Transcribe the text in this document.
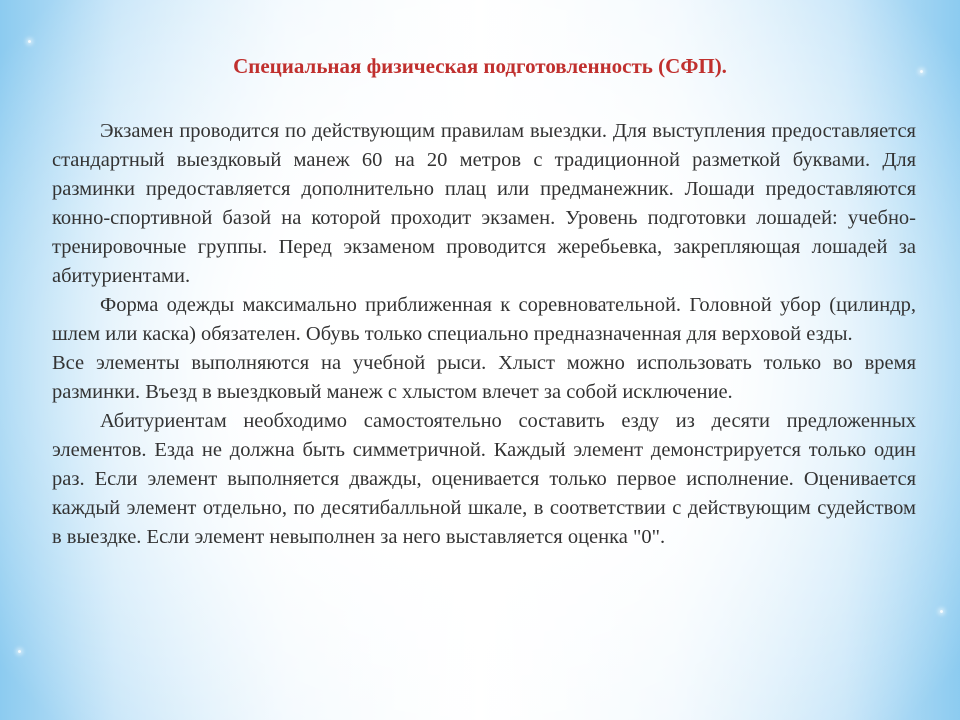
Специальная физическая подготовленность (СФП).

Экзамен проводится по действующим правилам выездки. Для выступления предоставляется стандартный выездковый манеж 60 на 20 метров с традиционной разметкой буквами. Для разминки предоставляется дополнительно плац или предманежник. Лошади предоставляются конно-спортивной базой на которой проходит экзамен. Уровень подготовки лошадей: учебно-тренировочные группы. Перед экзаменом проводится жеребьевка, закрепляющая лошадей за абитуриентами.

Форма одежды максимально приближенная к соревновательной. Головной убор (цилиндр, шлем или каска) обязателен. Обувь только специально предназначенная для верховой езды.

Все элементы выполняются на учебной рыси. Хлыст можно использовать только во время разминки. Въезд в выездковый манеж с хлыстом влечет за собой исключение.

Абитуриентам необходимо самостоятельно составить езду из десяти предложенных элементов. Езда не должна быть симметричной. Каждый элемент демонстрируется только один раз. Если элемент выполняется дважды, оценивается только первое исполнение. Оценивается каждый элемент отдельно, по десятибалльной шкале, в соответствии с действующим судейством в выездке. Если элемент невыполнен за него выставляется оценка "0".
